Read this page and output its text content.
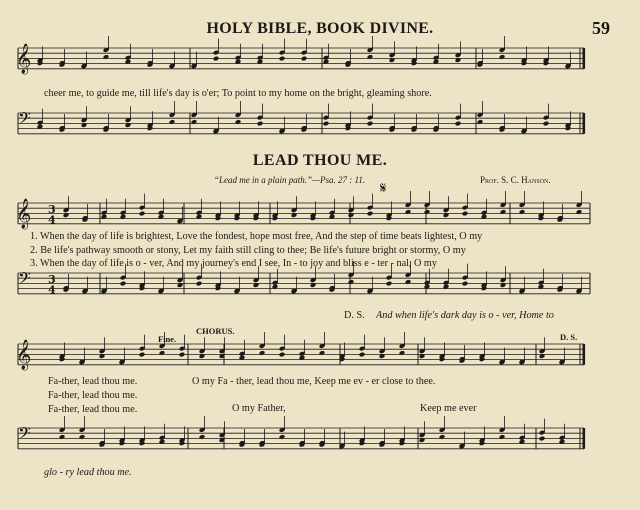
HOLY BIBLE, BOOK DIVINE.	59
cheer me, to guide me, till life's day is o'er; To point to my home on the bright, gleaming shore.
LEAD THOU ME.
“Lead me in a plain path.”—Psa. 27 : 11.	Prof. S. C. Hanson.
𝄋
1. When the day of life is brightest, Love the fondest, hope most free, And the step of time beats lightest, O my
2. Be life's pathway smooth or stony, Let my faith still cling to thee; Be life's future bright or stormy, O my
3. When the day of life is o - ver, And my journey's end I see, In - to joy and bliss e - ter - nal, O my
D. S. And when life's dark day is o - ver, Home to
Fine.
CHORUS.
D. S.
Fa-ther, lead thou me.
Fa-ther, lead thou me.
Fa-ther, lead thou me.
O my Fa - ther, lead thou me, Keep me ev - er close to thee.
O my Father,	Keep me ever
glo - ry lead thou me.
𝄞
𝄢
𝄞 3
4
𝄢 3
4
𝄞
𝄢
